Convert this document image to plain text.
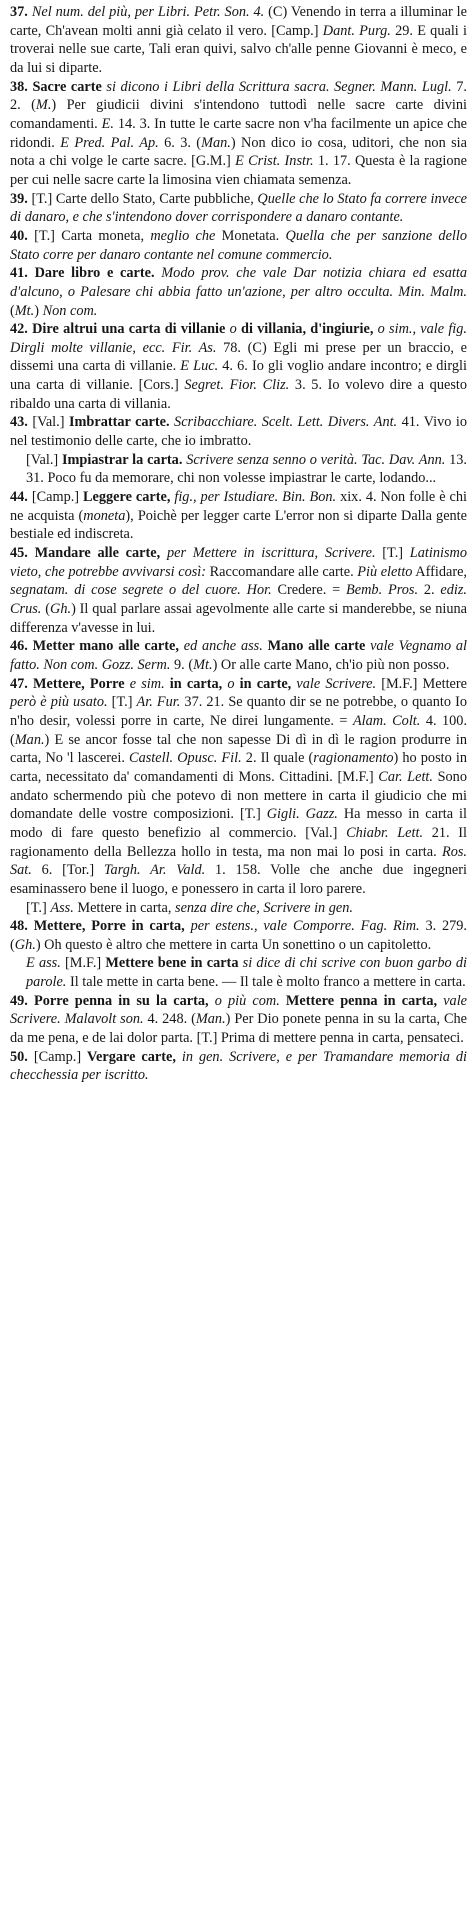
37. Nel num. del più, per Libri. Petr. Son. 4. (C) Venendo in terra a illuminar le carte, Ch'avean molti anni già celato il vero. [Camp.] Dant. Purg. 29. E quali i troverai nelle sue carte, Tali eran quivi, salvo ch'alle penne Giovanni è meco, e da lui si diparte.

38. Sacre carte si dicono i Libri della Scrittura sacra. Segner. Mann. Lugl. 7. 2. (M.) Per giudicii divini s'intendono tuttodì nelle sacre carte divini comandamenti. E. 14. 3. In tutte le carte sacre non v'ha facilmente un apice che ridondi. E Pred. Pal. Ap. 6. 3. (Man.) Non dico io cosa, uditori, che non sia nota a chi volge le carte sacre. [G.M.] E Crist. Instr. 1. 17. Questa è la ragione per cui nelle sacre carte la limosina vien chiamata semenza.

39. [T.] Carte dello Stato, Carte pubbliche, Quelle che lo Stato fa correre invece di danaro, e che s'intendono dover corrispondere a danaro contante.

40. [T.] Carta moneta, meglio che Monetata. Quella che per sanzione dello Stato corre per danaro contante nel comune commercio.

41. Dare libro e carte. Modo prov. che vale Dar notizia chiara ed esatta d'alcuno, o Palesare chi abbia fatto un'azione, per altro occulta. Min. Malm. (Mt.) Non com.

42. Dire altrui una carta di villanie o di villania, d'ingiurie, o sim., vale fig. Dirgli molte villanie, ecc. Fir. As. 78. (C) Egli mi prese per un braccio, e dissemi una carta di villanie. E Luc. 4. 6. Io gli voglio andare incontro; e dirgli una carta di villanie. [Cors.] Segret. Fior. Cliz. 3. 5. Io volevo dire a questo ribaldo una carta di villania.

43. [Val.] Imbrattar carte. Scribacchiare. Scelt. Lett. Divers. Ant. 41. Vivo io nel testimonio delle carte, che io imbratto.

[Val.] Impiastrar la carta. Scrivere senza senno o verità. Tac. Dav. Ann. 13. 31. Poco fu da memorare, chi non volesse impiastrar le carte, lodando...

44. [Camp.] Leggere carte, fig., per Istudiare. Bin. Bon. xix. 4. Non folle è chi ne acquista (moneta), Poichè per legger carte L'error non si diparte Dalla gente bestiale ed indiscreta.

45. Mandare alle carte, per Mettere in iscrittura, Scrivere. [T.] Latinismo vieto, che potrebbe avvivarsi così: Raccomandare alle carte. Più eletto Affidare, segnatam. di cose segrete o del cuore. Hor. Credere. = Bemb. Pros. 2. ediz. Crus. (Gh.) Il qual parlare assai agevolmente alle carte si manderebbe, se niuna differenza v'avesse in lui.

46. Metter mano alle carte, ed anche ass. Mano alle carte vale Vegnamo al fatto. Non com. Gozz. Serm. 9. (Mt.) Or alle carte Mano, ch'io più non posso.

47. Mettere, Porre e sim. in carta, o in carte, vale Scrivere. [M.F.] Mettere però è più usato. [T.] Ar. Fur. 37. 21. Se quanto dir se ne potrebbe, o quanto Io n'ho desir, volessi porre in carte, Ne direi lungamente. = Alam. Colt. 4. 100. (Man.) E se ancor fosse tal che non sapesse Di dì in dì le ragion produrre in carta, No 'l lascerei. Castell. Opusc. Fil. 2. Il quale (ragionamento) ho posto in carta, necessitato da' comandamenti di Mons. Cittadini. [M.F.] Car. Lett. Sono andato schermendo più che potevo di non mettere in carta il giudicio che mi domandate delle vostre composizioni. [T.] Gigli. Gazz. Ha messo in carta il modo di fare questo benefizio al commercio. [Val.] Chiabr. Lett. 21. Il ragionamento della Bellezza hollo in testa, ma non mai lo posi in carta. Ros. Sat. 6. [Tor.] Targh. Ar. Vald. 1. 158. Volle che anche due ingegneri esaminassero bene il luogo, e ponessero in carta il loro parere.

[T.] Ass. Mettere in carta, senza dire che, Scrivere in gen.

48. Mettere, Porre in carta, per estens., vale Comporre. Fag. Rim. 3. 279. (Gh.) Oh questo è altro che mettere in carta Un sonettino o un capitoletto.

E ass. [M.F.] Mettere bene in carta si dice di chi scrive con buon garbo di parole. Il tale mette in carta bene. — Il tale è molto franco a mettere in carta.

49. Porre penna in su la carta, o più com. Mettere penna in carta, vale Scrivere. Malavolt son. 4. 248. (Man.) Per Dio ponete penna in su la carta, Che da me pena, e de lai dolor parta. [T.] Prima di mettere penna in carta, pensateci.

50. [Camp.] Vergare carte, in gen. Scrivere, e per Tramandare memoria di checchessia per iscritto.
